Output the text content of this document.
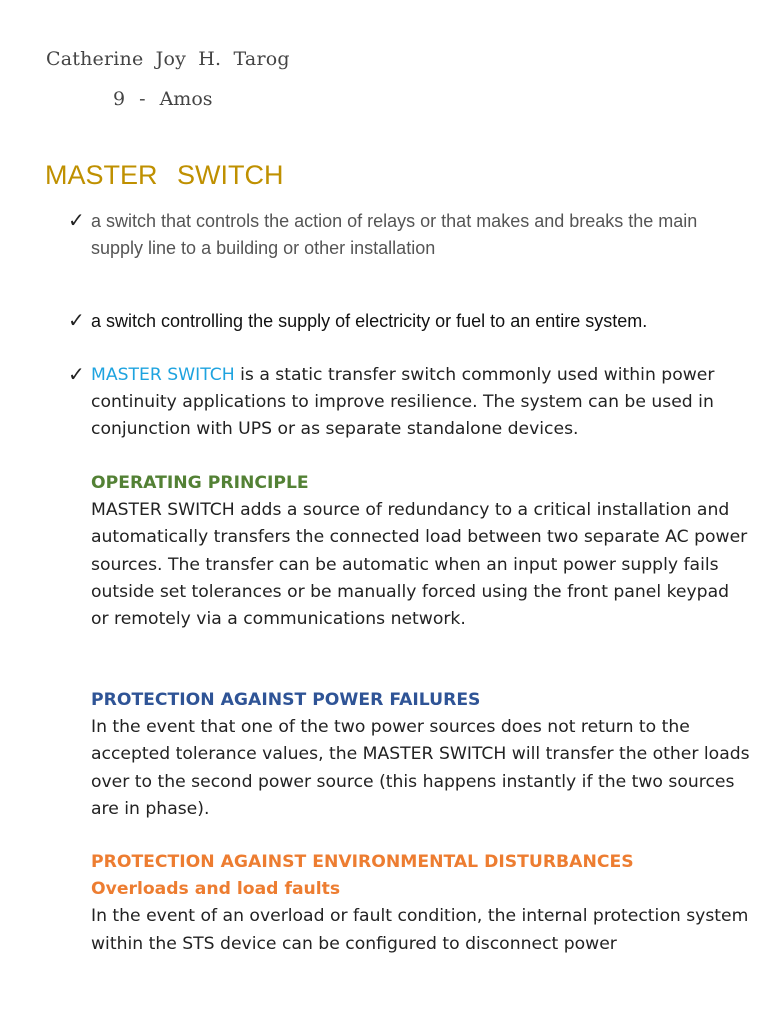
Catherine Joy H. Tarog
9 - Amos
MASTER SWITCH
✓ a switch that controls the action of relays or that makes and breaks the main supply line to a building or other installation
✓ a switch controlling the supply of electricity or fuel to an entire system.
✓ MASTER SWITCH is a static transfer switch commonly used within power continuity applications to improve resilience. The system can be used in conjunction with UPS or as separate standalone devices.
OPERATING PRINCIPLE

MASTER SWITCH adds a source of redundancy to a critical installation and automatically transfers the connected load between two separate AC power sources. The transfer can be automatic when an input power supply fails outside set tolerances or be manually forced using the front panel keypad or remotely via a communications network.

PROTECTION AGAINST POWER FAILURES

In the event that one of the two power sources does not return to the accepted tolerance values, the MASTER SWITCH will transfer the other loads over to the second power source (this happens instantly if the two sources are in phase).

PROTECTION AGAINST ENVIRONMENTAL DISTURBANCES
Overloads and load faults

In the event of an overload or fault condition, the internal protection system within the STS device can be configured to disconnect power
